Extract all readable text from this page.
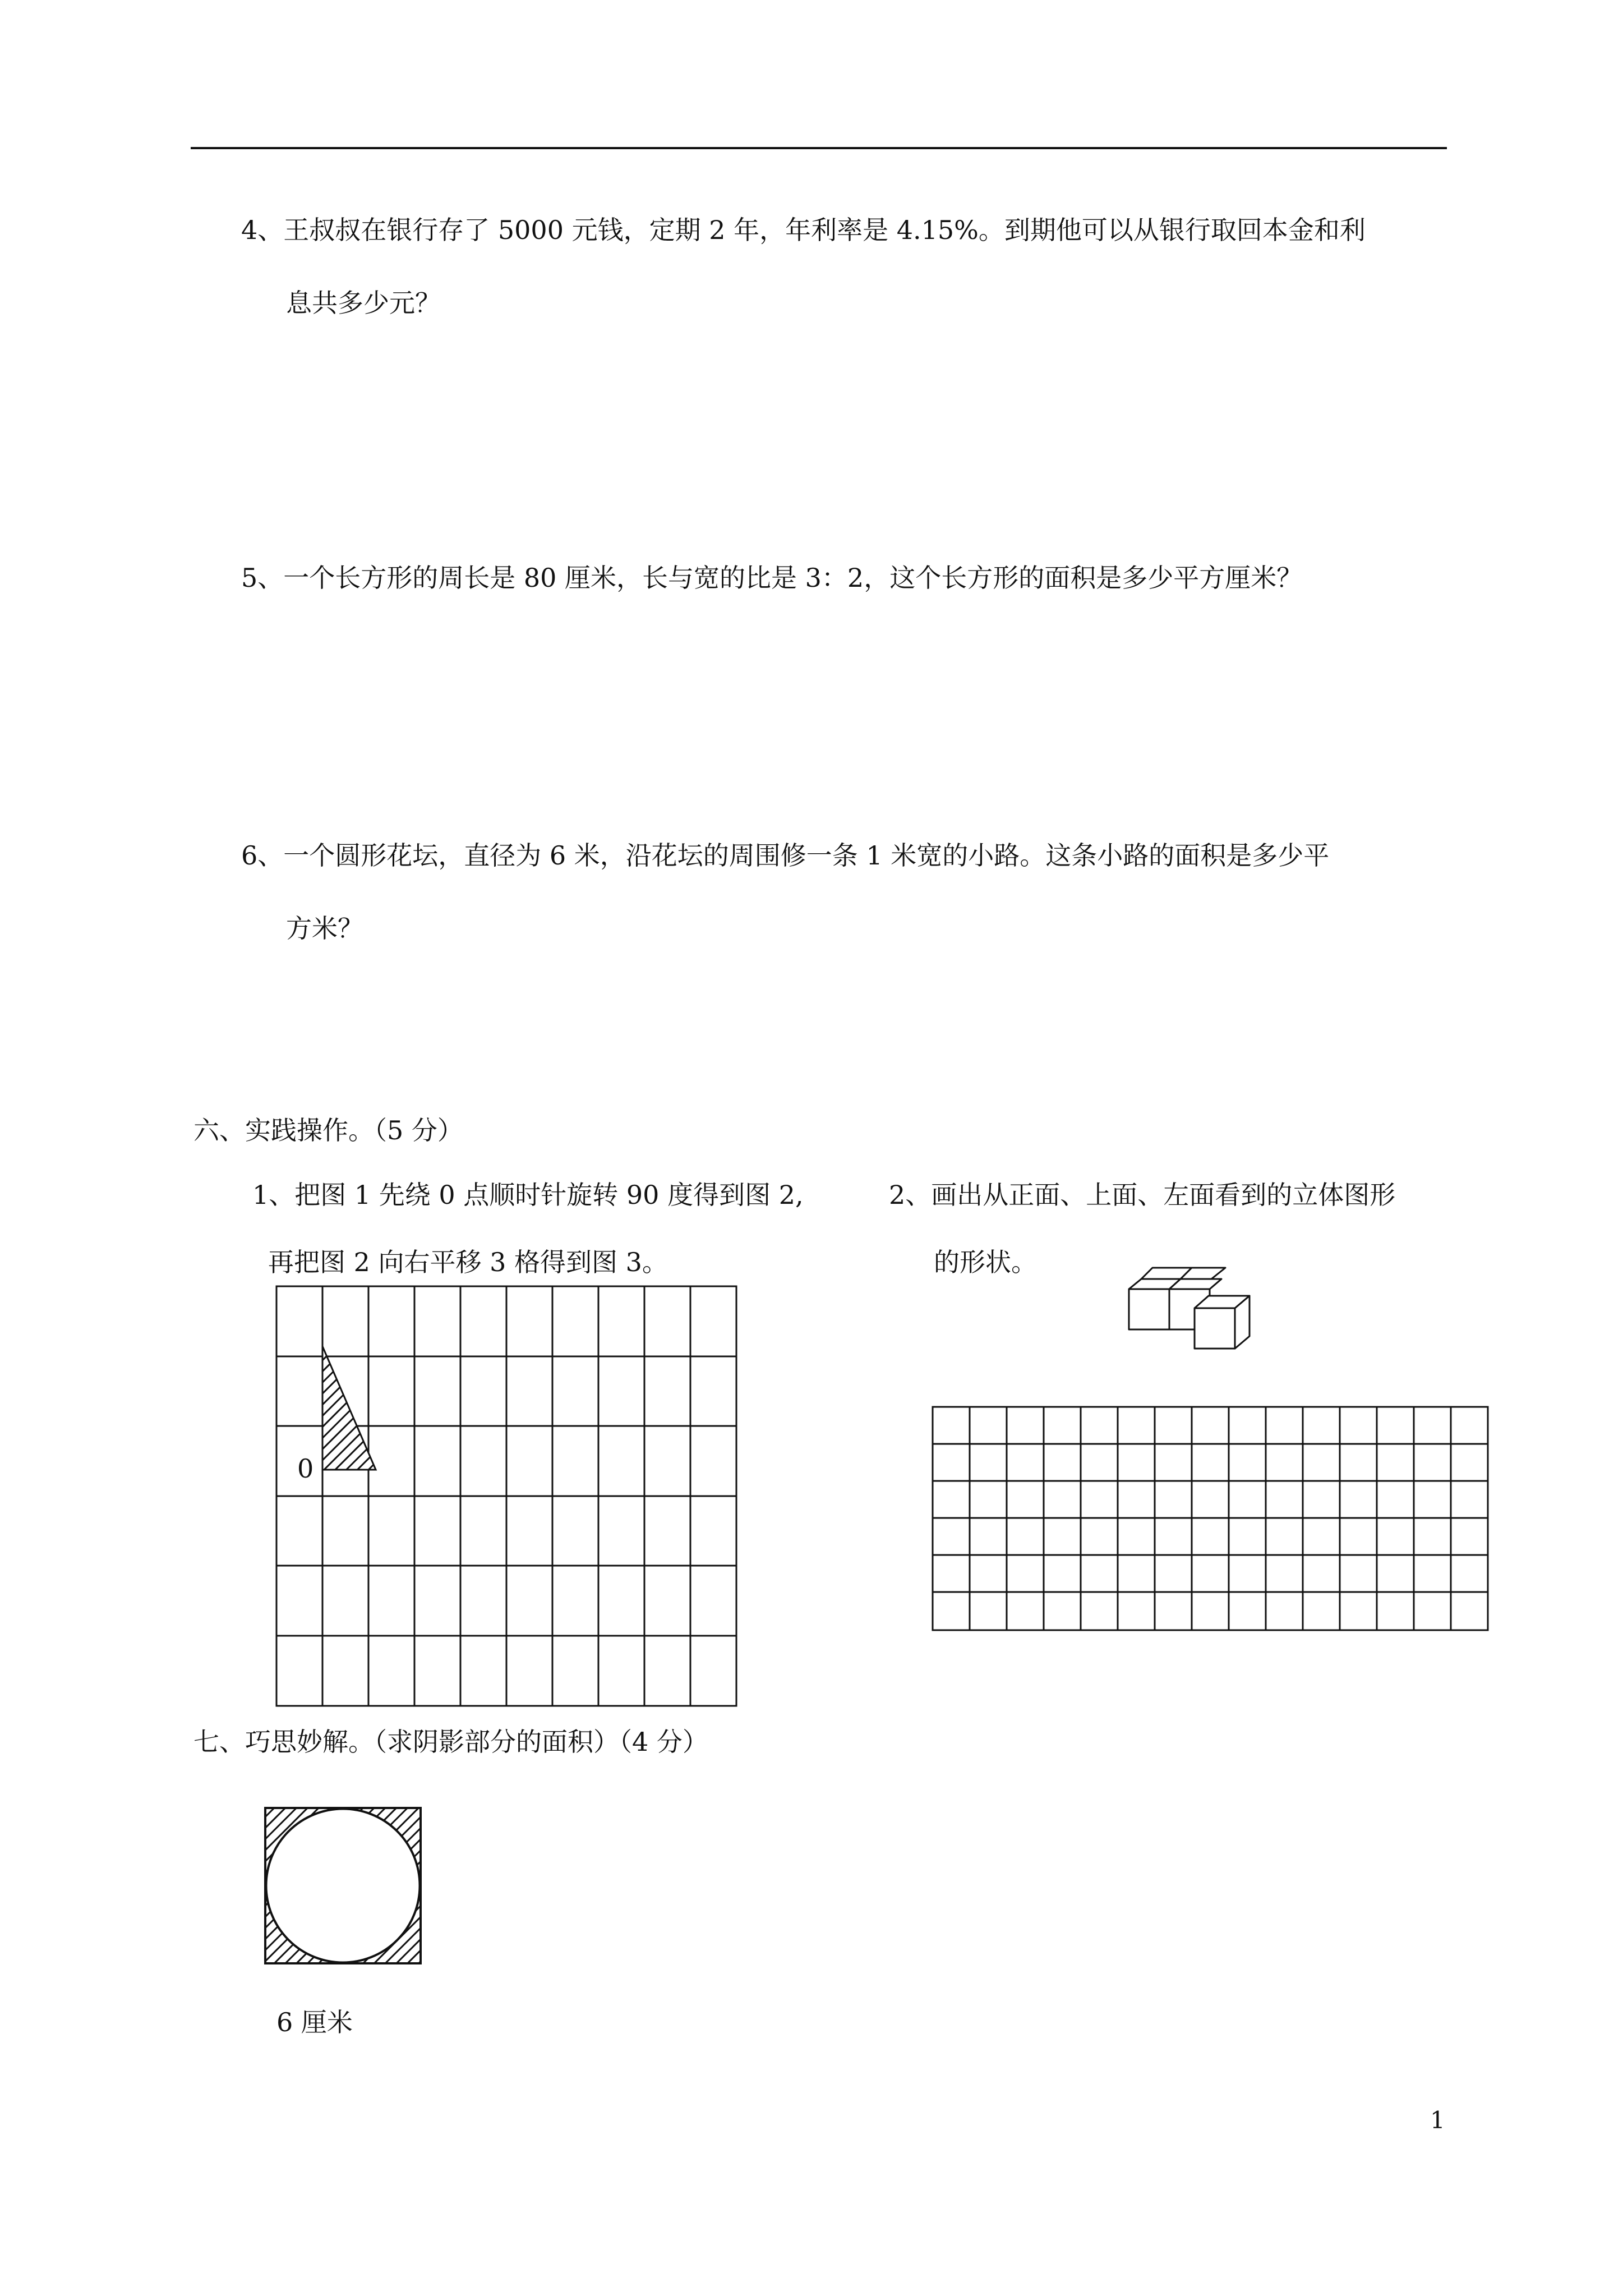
4、王叔叔在银行存了 5000 元钱，定期 2 年，年利率是 4.15%。到期他可以从银行取回本金和利
息共多少元？
5、一个长方形的周长是 80 厘米，长与宽的比是 3：2，这个长方形的面积是多少平方厘米？
6、一个圆形花坛，直径为 6 米，沿花坛的周围修一条 1 米宽的小路。这条小路的面积是多少平
方米？
六、实践操作。（5 分）
1、把图 1 先绕 0 点顺时针旋转 90 度得到图 2,
再把图 2 向右平移 3 格得到图 3。
2、画出从正面、上面、左面看到的立体图形
的形状。
0
七、巧思妙解。（求阴影部分的面积）（4 分）
6 厘米
1
